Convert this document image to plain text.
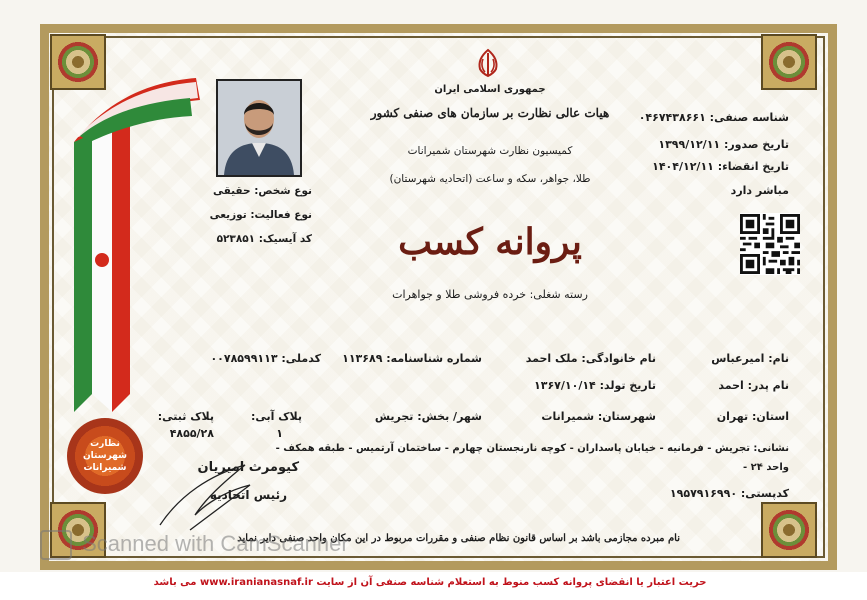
جمهوری اسلامی ایران
ﻫﯿﺎﺕ ﻋﺎﻟﯽ ﻧﻈﺎﺭﺕ ﺑﺮ ﺳﺎﺯﻣﺎﻥ ﻫﺎﯼ ﺻﻨﻔﯽ ﮐﺸﻮﺭ
کمیسیون نظارت شهرستان شمیرانات
طلا، جواهر، سکه و ساعت (اتحادیه شهرستان)
پروانه کسب
رسته شغلی: خرده فروشی طلا و جواهرات
شناسه صنفی: ۰۴۶۷۴۳۸۶۶۱
تاریخ صدور: ۱۳۹۹/۱۲/۱۱
تاریخ انقضاء: ۱۴۰۴/۱۲/۱۱
مباشر دارد
نوع شخص: حقیقی
نوع فعالیت: توزیعی
کد آیسیک: ۵۲۳۸۵۱
نام: امیرعباس
نام خانوادگی: ملک احمد
شماره شناسنامه: ۱۱۳۶۸۹
کدملی: ۰۰۷۸۵۹۹۱۱۳
نام پدر: احمد
تاریخ تولد: ۱۳۶۷/۱۰/۱۴
استان: تهران
شهرستان: شمیرانات
شهر/ بخش: تجریش
پلاک ثبتی:
۴۸۵۵/۲۸
پلاک آبی:
۱
نشانی: تجریش - فرمانیه - خیابان پاسداران - کوچه نارنجستان چهارم - ساختمان آرتمیس - طبقه همکف -
واحد ۲۴ -
کدپستی: ۱۹۵۷۹۱۶۹۹۰
کیومرث امیریان
رئیس اتحادیه
نظارت شهرستان شمیرانات
نام مبرده مجازمی باشد بر اساس قانون نظام صنفی و مقررات مربوط در این مکان واحد صنفی دایر نماید
حریت اعتبار یا انقضای پروانه کسب منوط به استعلام شناسه صنفی آن از سایت www.iranianasnaf.ir می باشد
Scanned with CamScanner
